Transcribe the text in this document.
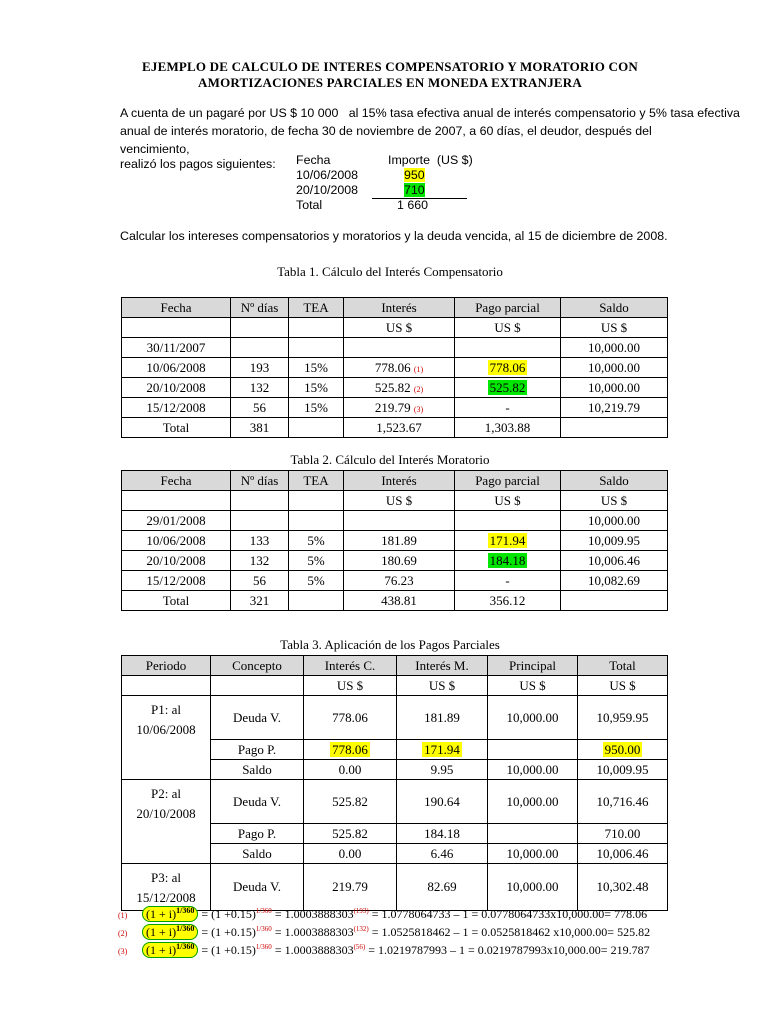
EJEMPLO DE CALCULO DE INTERES COMPENSATORIO Y MORATORIO CON
AMORTIZACIONES PARCIALES EN MONEDA EXTRANJERA
A cuenta de un pagaré por US $ 10 000   al 15% tasa efectiva anual de interés compensatorio y 5% tasa efectiva
anual de interés moratorio, de fecha 30 de noviembre de 2007, a 60 días, el deudor, después del vencimiento,
realizó los pagos siguientes:	Fecha	Importe  (US $)
10/06/2008	950
20/10/2008	710
Total	1 660
Calcular los intereses compensatorios y moratorios y la deuda vencida, al 15 de diciembre de 2008.
Tabla 1. Cálculo del Interés Compensatorio
Fecha	Nº días	TEA	Interés	Pago parcial	Saldo
			US $	US $	US $
30/11/2007					10,000.00
10/06/2008	193	15%	778.06 (1)	778.06	10,000.00
20/10/2008	132	15%	525.82 (2)	525.82	10,000.00
15/12/2008	56	15%	219.79 (3)	-	10,219.79
Total	381		1,523.67	1,303.88	
Tabla 2. Cálculo del Interés Moratorio
Fecha	Nº días	TEA	Interés	Pago parcial	Saldo
			US $	US $	US $
29/01/2008					10,000.00
10/06/2008	133	5%	181.89	171.94	10,009.95
20/10/2008	132	5%	180.69	184.18	10,006.46
15/12/2008	56	5%	76.23	-	10,082.69
Total	321		438.81	356.12	
Tabla 3. Aplicación de los Pagos Parciales
Periodo	Concepto	Interés C.	Interés M.	Principal	Total
		US $	US $	US $	US $

P1: al
10/06/2008	Deuda V.	778.06	181.89	10,000.00	10,959.95
	Pago P.	778.06	171.94		950.00
	Saldo	0.00	9.95	10,000.00	10,009.95

P2: al
20/10/2008	Deuda V.	525.82	190.64	10,000.00	10,716.46
	Pago P.	525.82	184.18		710.00
	Saldo	0.00	6.46	10,000.00	10,006.46

P3: al
15/12/2008	Deuda V.	219.79	82.69	10,000.00	10,302.48
(1) $(1 + i)^{1/360} = (1 +0.15)^{1/360} = 1.0003888303^{(193)} = 1.0778064733 - 1 = 0.0778064733x10,000.00= 778.06$
(2) $(1 + i)^{1/360} = (1 +0.15)^{1/360} = 1.0003888303^{(132)} = 1.0525818462 - 1 = 0.0525818462$ x10,000.00= 525.82
(3) $(1 + i)^{1/360} = (1 +0.15)^{1/360} = 1.0003888303^{(56)} = 1.0219787993 - 1 = 0.0219787993x10,000.00= 219.787$
